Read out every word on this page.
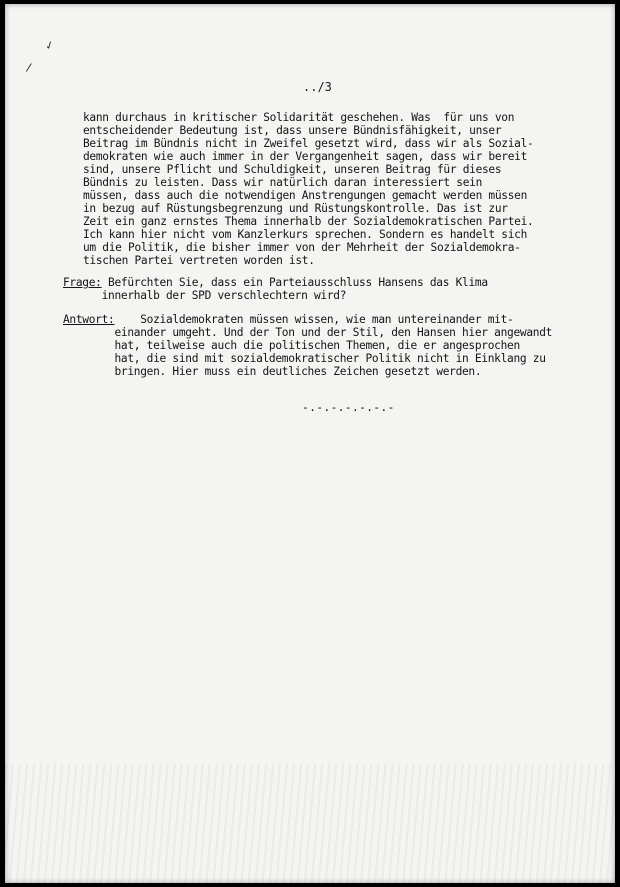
✓
/
../3
kann durchaus in kritischer Solidarität geschehen. Was  für uns von
entscheidender Bedeutung ist, dass unsere Bündnisfähigkeit, unser
Beitrag im Bündnis nicht in Zweifel gesetzt wird, dass wir als Sozial-
demokraten wie auch immer in der Vergangenheit sagen, dass wir bereit
sind, unsere Pflicht und Schuldigkeit, unseren Beitrag für dieses
Bündnis zu leisten. Dass wir natürlich daran interessiert sein
müssen, dass auch die notwendigen Anstrengungen gemacht werden müssen
in bezug auf Rüstungsbegrenzung und Rüstungskontrolle. Das ist zur
Zeit ein ganz ernstes Thema innerhalb der Sozialdemokratischen Partei.
Ich kann hier nicht vom Kanzlerkurs sprechen. Sondern es handelt sich
um die Politik, die bisher immer von der Mehrheit der Sozialdemokra-
tischen Partei vertreten worden ist.
Frage: Befürchten Sie, dass ein Parteiausschluss Hansens das Klima
innerhalb der SPD verschlechtern wird?
Antwort:    Sozialdemokraten müssen wissen, wie man untereinander mit-
einander umgeht. Und der Ton und der Stil, den Hansen hier angewandt
hat, teilweise auch die politischen Themen, die er angesprochen
hat, die sind mit sozialdemokratischer Politik nicht in Einklang zu
bringen. Hier muss ein deutliches Zeichen gesetzt werden.
-.-.-.-.-.-.-
